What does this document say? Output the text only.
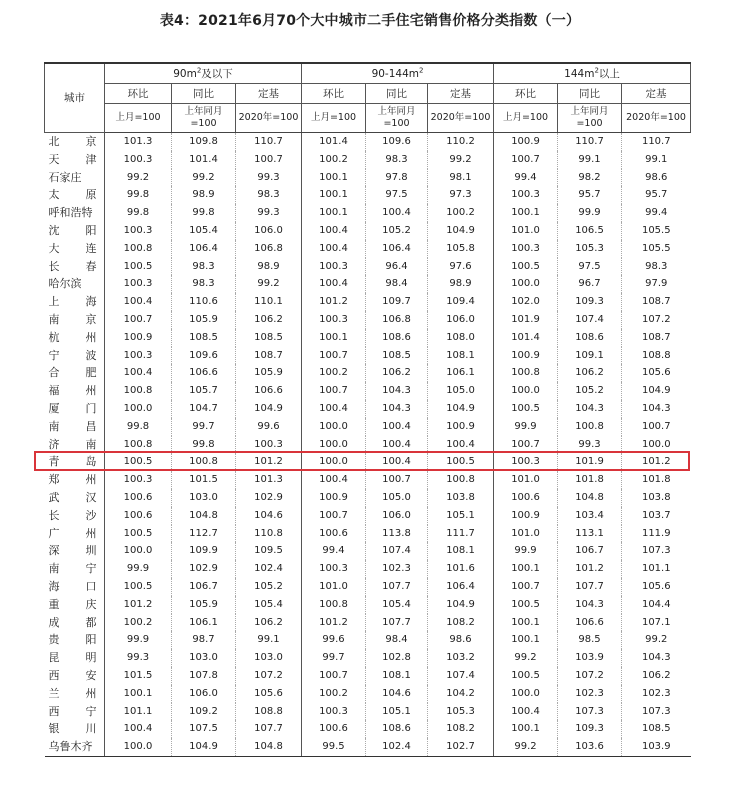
表4：2021年6月70个大中城市二手住宅销售价格分类指数（一）
城市	$90m^2$及以下			$90-144m^2$			$144m^2$以上		
	环比	同比	定基	环比	同比	定基	环比	同比	定基
	上月=100	上年同月=100	2020年=100	上月=100	上年同月=100	2020年=100	上月=100	上年同月=100	2020年=100
北京	101.3	109.8	110.7	101.4	109.6	110.2	100.9	110.7	110.7
天津	100.3	101.4	100.7	100.2	98.3	99.2	100.7	99.1	99.1
石家庄	99.2	99.2	99.3	100.1	97.8	98.1	99.4	98.2	98.6
太原	99.8	98.9	98.3	100.1	97.5	97.3	100.3	95.7	95.7
呼和浩特	99.8	99.8	99.3	100.1	100.4	100.2	100.1	99.9	99.4
沈阳	100.3	105.4	106.0	100.4	105.2	104.9	101.0	106.5	105.5
大连	100.8	106.4	106.8	100.4	106.4	105.8	100.3	105.3	105.5
长春	100.5	98.3	98.9	100.3	96.4	97.6	100.5	97.5	98.3
哈尔滨	100.3	98.3	99.2	100.4	98.4	98.9	100.0	96.7	97.9
上海	100.4	110.6	110.1	101.2	109.7	109.4	102.0	109.3	108.7
南京	100.7	105.9	106.2	100.3	106.8	106.0	101.9	107.4	107.2
杭州	100.9	108.5	108.5	100.1	108.6	108.0	101.4	108.6	108.7
宁波	100.3	109.6	108.7	100.7	108.5	108.1	100.9	109.1	108.8
合肥	100.4	106.6	105.9	100.2	106.2	106.1	100.8	106.2	105.6
福州	100.8	105.7	106.6	100.7	104.3	105.0	100.0	105.2	104.9
厦门	100.0	104.7	104.9	100.4	104.3	104.9	100.5	104.3	104.3
南昌	99.8	99.7	99.6	100.0	100.4	100.9	99.9	100.8	100.7
济南	100.8	99.8	100.3	100.0	100.4	100.4	100.7	99.3	100.0
青岛	100.5	100.8	101.2	100.0	100.4	100.5	100.3	101.9	101.2
郑州	100.3	101.5	101.3	100.4	100.7	100.8	101.0	101.8	101.8
武汉	100.6	103.0	102.9	100.9	105.0	103.8	100.6	104.8	103.8
长沙	100.6	104.8	104.6	100.7	106.0	105.1	100.9	103.4	103.7
广州	100.5	112.7	110.8	100.6	113.8	111.7	101.0	113.1	111.9
深圳	100.0	109.9	109.5	99.4	107.4	108.1	99.9	106.7	107.3
南宁	99.9	102.9	102.4	100.3	102.3	101.6	100.1	101.2	101.1
海口	100.5	106.7	105.2	101.0	107.7	106.4	100.7	107.7	105.6
重庆	101.2	105.9	105.4	100.8	105.4	104.9	100.5	104.3	104.4
成都	100.2	106.1	106.2	101.2	107.7	108.2	100.1	106.6	107.1
贵阳	99.9	98.7	99.1	99.6	98.4	98.6	100.1	98.5	99.2
昆明	99.3	103.0	103.0	99.7	102.8	103.2	99.2	103.9	104.3
西安	101.5	107.8	107.2	100.7	108.1	107.4	100.5	107.2	106.2
兰州	100.1	106.0	105.6	100.2	104.6	104.2	100.0	102.3	102.3
西宁	101.1	109.2	108.8	100.3	105.1	105.3	100.4	107.3	107.3
银川	100.4	107.5	107.7	100.6	108.6	108.2	100.1	109.3	108.5
乌鲁木齐	100.0	104.9	104.8	99.5	102.4	102.7	99.2	103.6	103.9
